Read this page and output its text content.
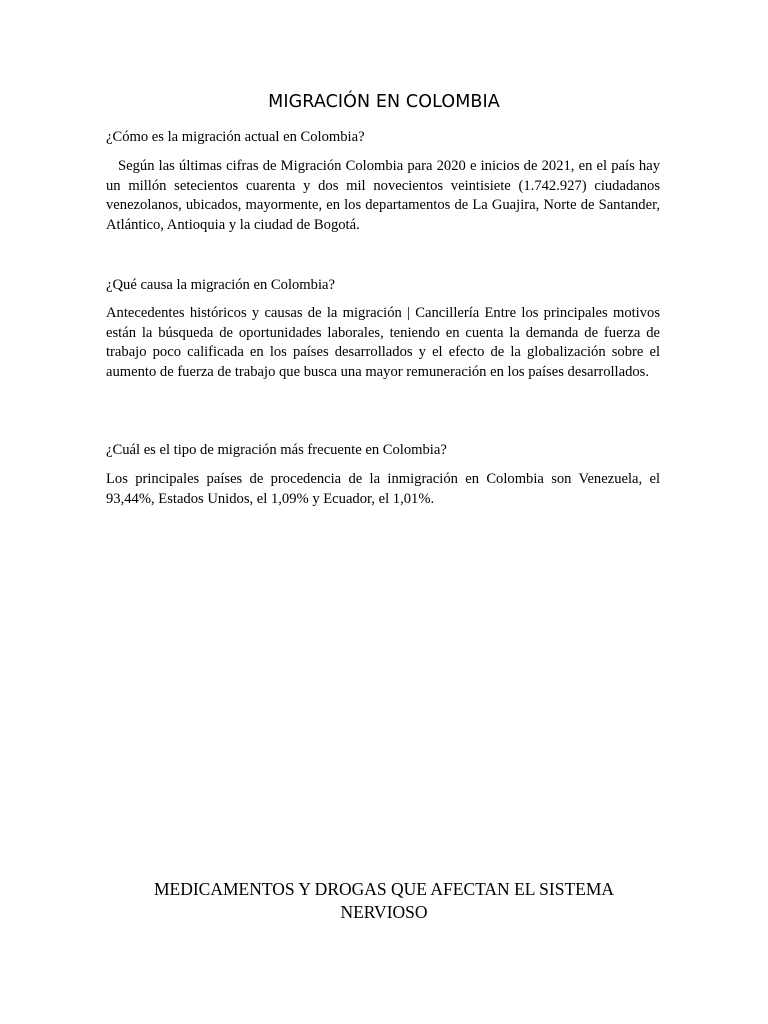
MIGRACIÓN EN COLOMBIA
¿Cómo es la migración actual en Colombia?

Según las últimas cifras de Migración Colombia para 2020 e inicios de 2021, en el país hay un millón setecientos cuarenta y dos mil novecientos veintisiete (1.742.927) ciudadanos venezolanos, ubicados, mayormente, en los departamentos de La Guajira, Norte de Santander, Atlántico, Antioquia y la ciudad de Bogotá.

¿Qué causa la migración en Colombia?

Antecedentes históricos y causas de la migración | Cancillería Entre los principales motivos están la búsqueda de oportunidades laborales, teniendo en cuenta la demanda de fuerza de trabajo poco calificada en los países desarrollados y el efecto de la globalización sobre el aumento de fuerza de trabajo que busca una mayor remuneración en los países desarrollados.

¿Cuál es el tipo de migración más frecuente en Colombia?

Los principales países de procedencia de la inmigración en Colombia son Venezuela, el 93,44%, Estados Unidos, el 1,09% y Ecuador, el 1,01%.

MEDICAMENTOS Y DROGAS QUE AFECTAN EL SISTEMA
NERVIOSO
